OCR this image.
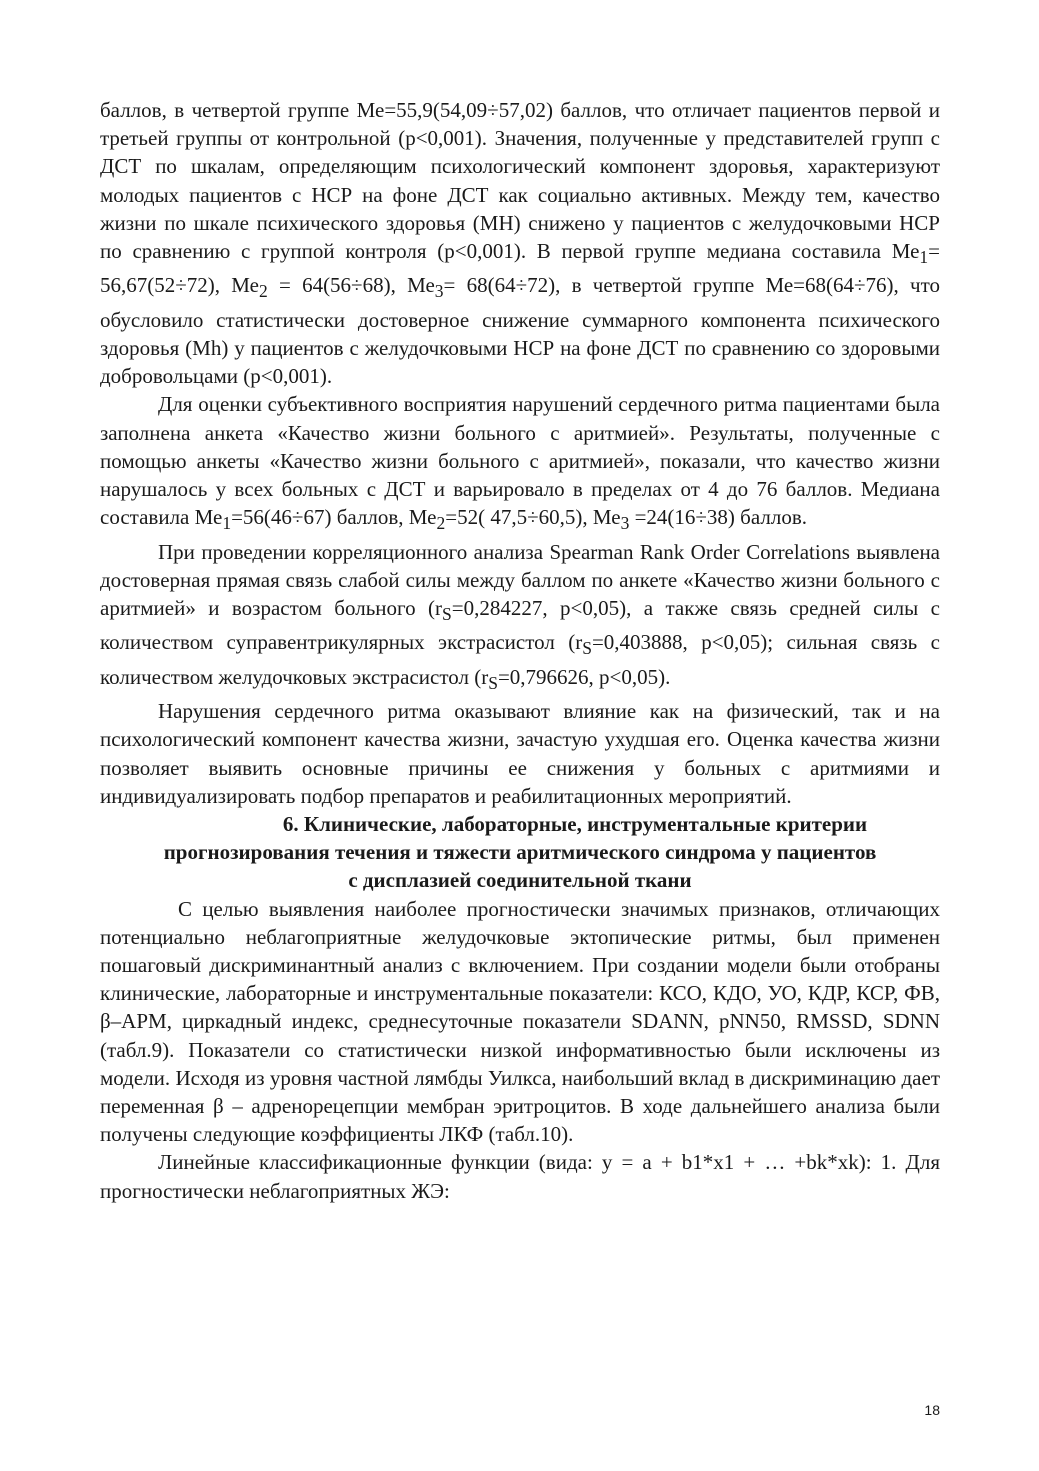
баллов, в четвертой группе Ме=55,9(54,09÷57,02) баллов, что отличает пациентов первой и третьей группы от контрольной (р<0,001). Значения, полученные у представителей групп с ДСТ по шкалам, определяющим психологический компонент здоровья, характеризуют молодых пациентов с НСР на фоне ДСТ как социально активных. Между тем, качество жизни по шкале психического здоровья (МН) снижено у пациентов с желудочковыми НСР по сравнению с группой контроля (р<0,001). В первой группе медиана составила $Ме_1= 56,67(52\div 72)$, $Ме_2 = 64(56\div 68)$, $Ме_3= 68(64\div 72)$, в четвертой группе Ме=68(64÷76), что обусловило статистически достоверное снижение суммарного компонента психического здоровья (Mh) у пациентов с желудочковыми НСР на фоне ДСТ по сравнению со здоровыми добровольцами (р<0,001).

Для оценки субъективного восприятия нарушений сердечного ритма пациентами была заполнена анкета «Качество жизни больного с аритмией». Результаты, полученные с помощью анкеты «Качество жизни больного с аритмией», показали, что качество жизни нарушалось у всех больных с ДСТ и варьировало в пределах от 4 до 76 баллов. Медиана составила $Ме_1=56(46\div 67)$ баллов, $Ме_2=52$( 47,5÷60,5), $Ме_3 =24(16\div 38)$ баллов.

При проведении корреляционного анализа Spearman Rank Order Correlations выявлена достоверная прямая связь слабой силы между баллом по анкете «Качество жизни больного с аритмией» и возрастом больного ($r_S=0,284227$, р<0,05), а также связь средней силы с количеством суправентрикулярных экстрасистол ($r_S=0,403888$, р<0,05); сильная связь с количеством желудочковых экстрасистол ($r_S=0,796626$, р<0,05).

Нарушения сердечного ритма оказывают влияние как на физический, так и на психологический компонент качества жизни, зачастую ухудшая его. Оценка качества жизни позволяет выявить основные причины ее снижения у больных с аритмиями и индивидуализировать подбор препаратов и реабилитационных мероприятий.

6. Клинические, лабораторные, инструментальные критерии
прогнозирования течения и тяжести аритмического синдрома у пациентов
с дисплазией соединительной ткани

С целью выявления наиболее прогностически значимых признаков, отличающих потенциально неблагоприятные желудочковые эктопические ритмы, был применен пошаговый дискриминантный анализ с включением. При создании модели были отобраны клинические, лабораторные и инструментальные показатели: КСО, КДО, УО, КДР, КСР, ФВ, β–АРМ, циркадный индекс, среднесуточные показатели SDANN, pNN50, RMSSD, SDNN (табл.9). Показатели со статистически низкой информативностью были исключены из модели. Исходя из уровня частной лямбды Уилкса, наибольший вклад в дискриминацию дает переменная β – адренорецепции мембран эритроцитов. В ходе дальнейшего анализа были получены следующие коэффициенты ЛКФ (табл.10).

Линейные классификационные функции (вида: y = a + b1*x1 + … +bk*xk): 1. Для прогностически неблагоприятных ЖЭ:

18
